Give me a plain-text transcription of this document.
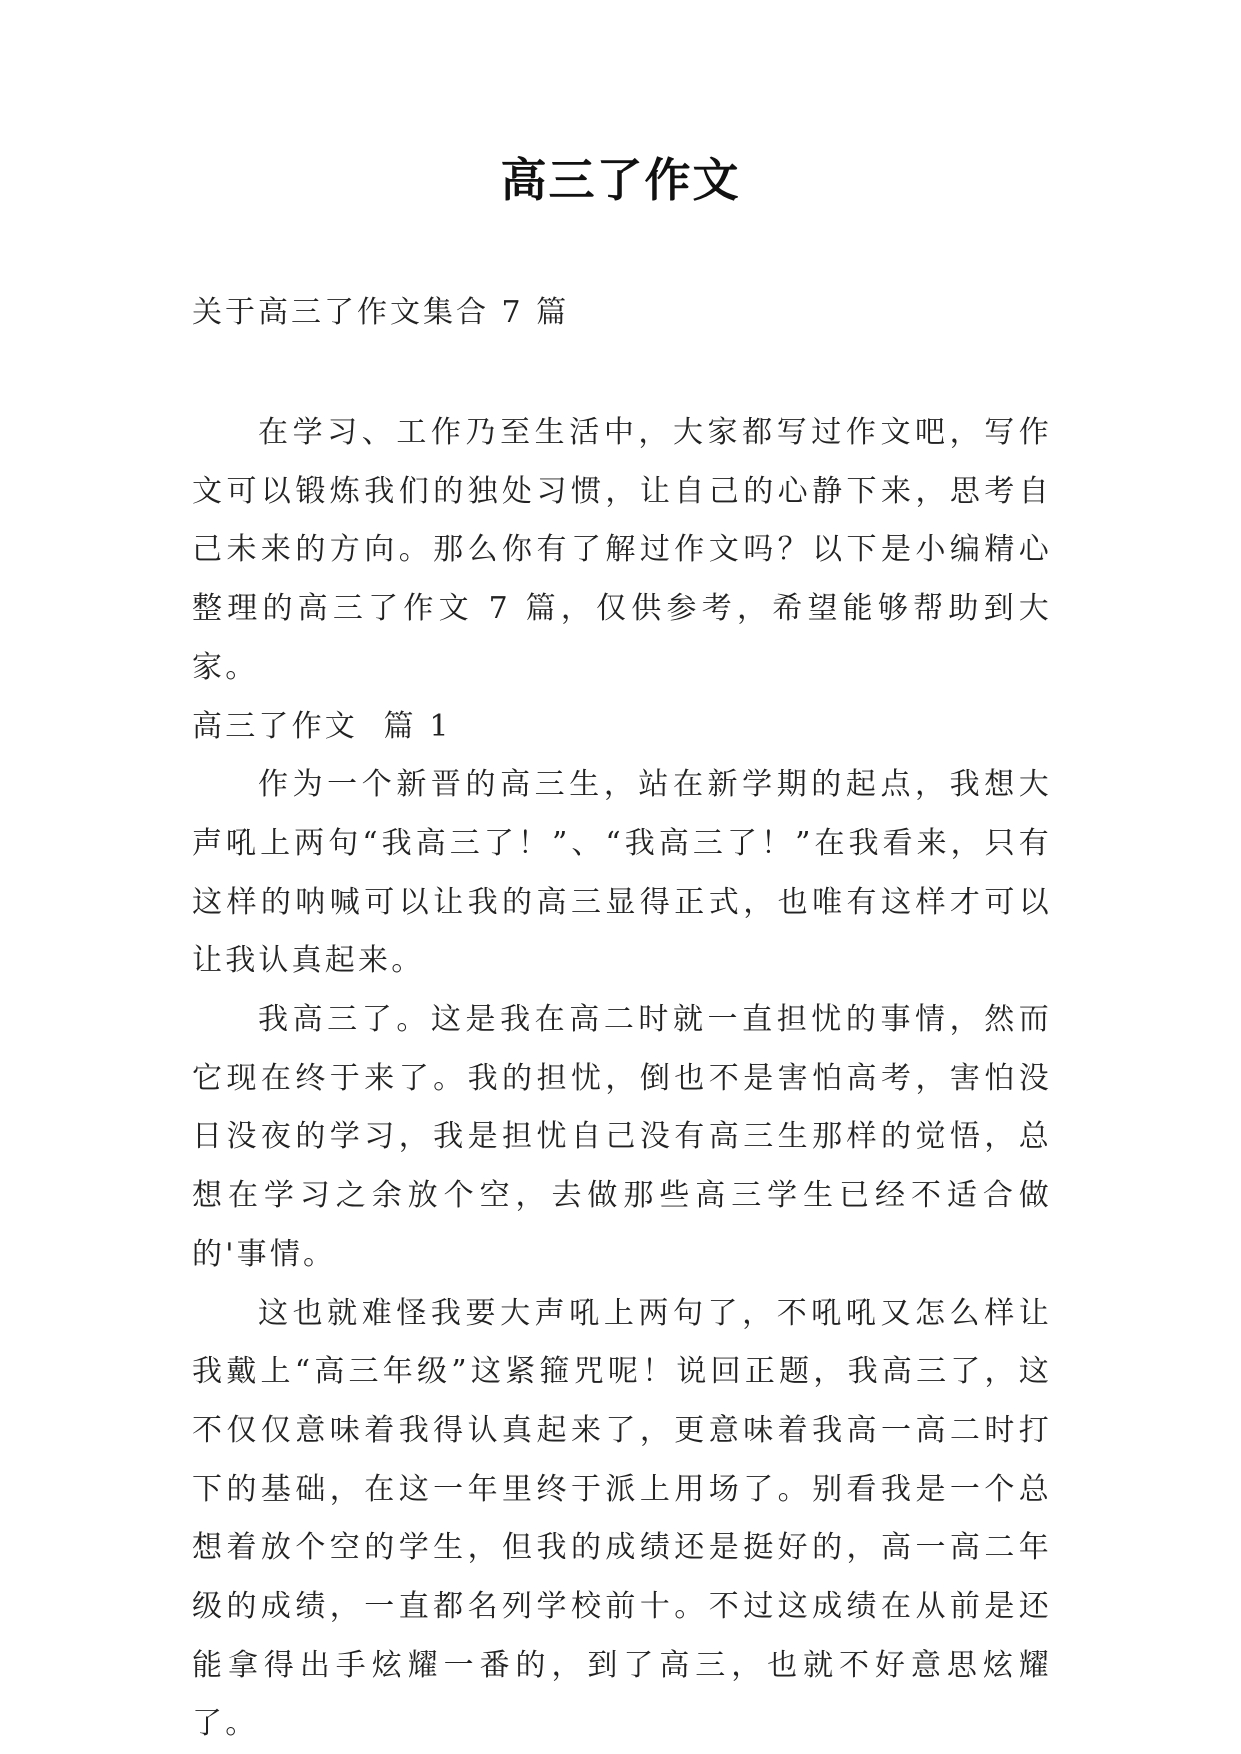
高三了作文
关于高三了作文集合 7 篇

在学习、工作乃至生活中，大家都写过作文吧，写作文可以锻炼我们的独处习惯，让自己的心静下来，思考自己未来的方向。那么你有了解过作文吗？以下是小编精心整理的高三了作文 7 篇，仅供参考，希望能够帮助到大家。

高三了作文  篇 1

作为一个新晋的高三生，站在新学期的起点，我想大声吼上两句“我高三了！”、“我高三了！”在我看来，只有这样的呐喊可以让我的高三显得正式，也唯有这样才可以让我认真起来。

我高三了。这是我在高二时就一直担忧的事情，然而它现在终于来了。我的担忧，倒也不是害怕高考，害怕没日没夜的学习，我是担忧自己没有高三生那样的觉悟，总想在学习之余放个空，去做那些高三学生已经不适合做的'事情。

这也就难怪我要大声吼上两句了，不吼吼又怎么样让我戴上“高三年级”这紧箍咒呢！说回正题，我高三了，这不仅仅意味着我得认真起来了，更意味着我高一高二时打下的基础，在这一年里终于派上用场了。别看我是一个总想着放个空的学生，但我的成绩还是挺好的，高一高二年级的成绩，一直都名列学校前十。不过这成绩在从前是还能拿得出手炫耀一番的，到了高三，也就不好意思炫耀了。
